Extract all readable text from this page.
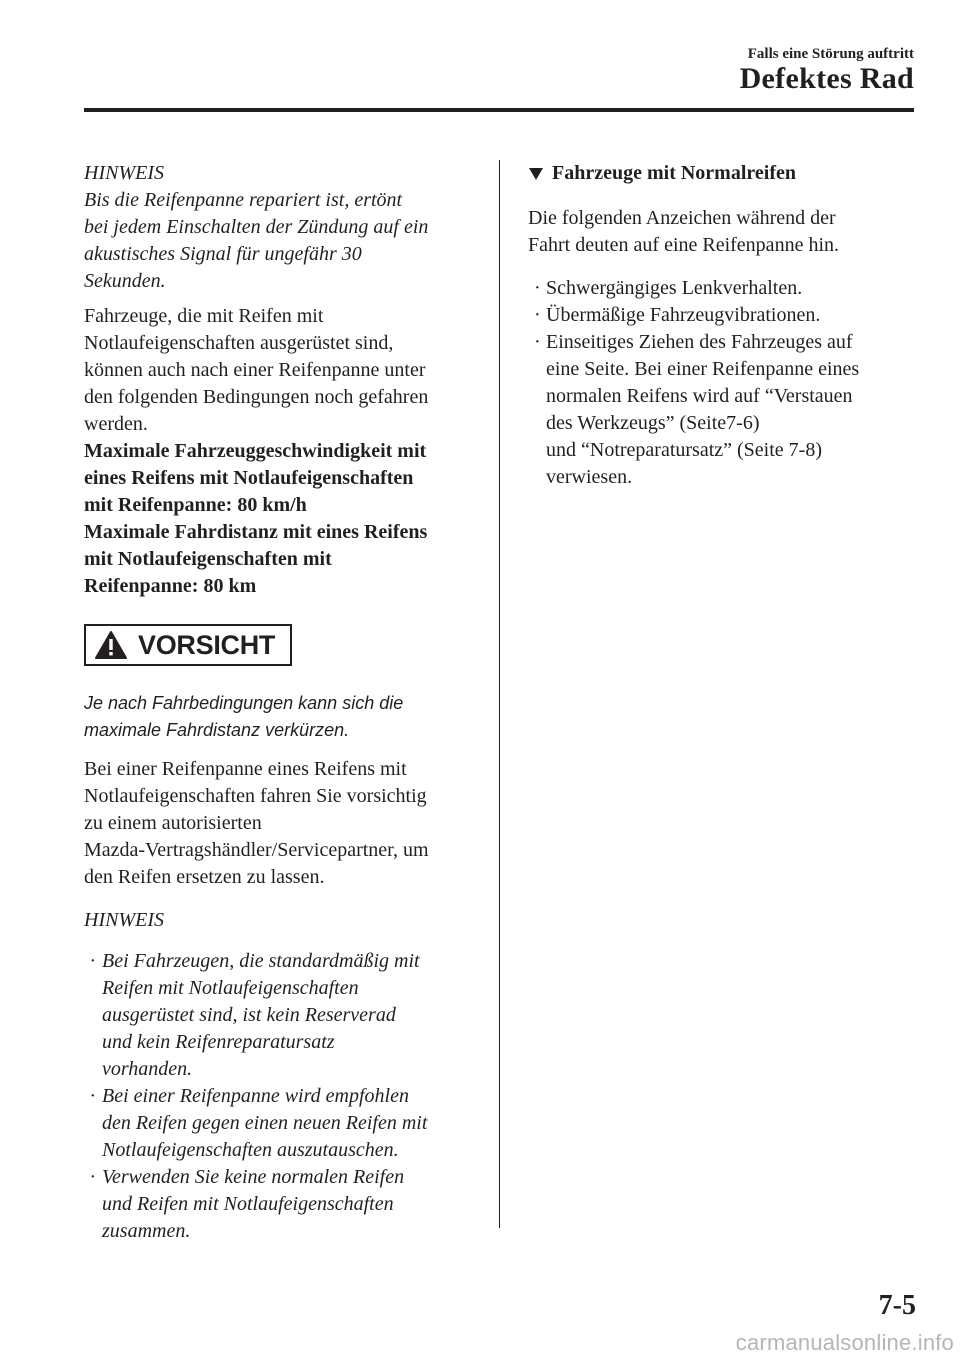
Falls eine Störung auftritt
Defektes Rad

HINWEIS

Bis die Reifenpanne repariert ist, ertönt
bei jedem Einschalten der Zündung auf ein
akustisches Signal für ungefähr 30
Sekunden.
Fahrzeuge, die mit Reifen mit
Notlaufeigenschaften ausgerüstet sind,
können auch nach einer Reifenpanne unter
den folgenden Bedingungen noch gefahren
werden.
Maximale Fahrzeuggeschwindigkeit mit
eines Reifens mit Notlaufeigenschaften
mit Reifenpanne: 80 km/h
Maximale Fahrdistanz mit eines Reifens
mit Notlaufeigenschaften mit
Reifenpanne: 80 km
VORSICHT
Je nach Fahrbedingungen kann sich die
maximale Fahrdistanz verkürzen.
Bei einer Reifenpanne eines Reifens mit
Notlaufeigenschaften fahren Sie vorsichtig
zu einem autorisierten
Mazda-Vertragshändler/Servicepartner, um
den Reifen ersetzen zu lassen.

HINWEIS

· Bei Fahrzeugen, die standardmäßig mit
Reifen mit Notlaufeigenschaften
ausgerüstet sind, ist kein Reserverad
und kein Reifenreparatursatz
vorhanden.
· Bei einer Reifenpanne wird empfohlen
den Reifen gegen einen neuen Reifen mit
Notlaufeigenschaften auszutauschen.
· Verwenden Sie keine normalen Reifen
und Reifen mit Notlaufeigenschaften
zusammen.
Fahrzeuge mit Normalreifen
Die folgenden Anzeichen während der
Fahrt deuten auf eine Reifenpanne hin.
· Schwergängiges Lenkverhalten.
· Übermäßige Fahrzeugvibrationen.
· Einseitiges Ziehen des Fahrzeuges auf
eine Seite. Bei einer Reifenpanne eines
normalen Reifens wird auf “Verstauen
des Werkzeugs” (Seite7-6)
und “Notreparatursatz” (Seite 7-8)
verwiesen.
7-5
carmanualsonline.info
